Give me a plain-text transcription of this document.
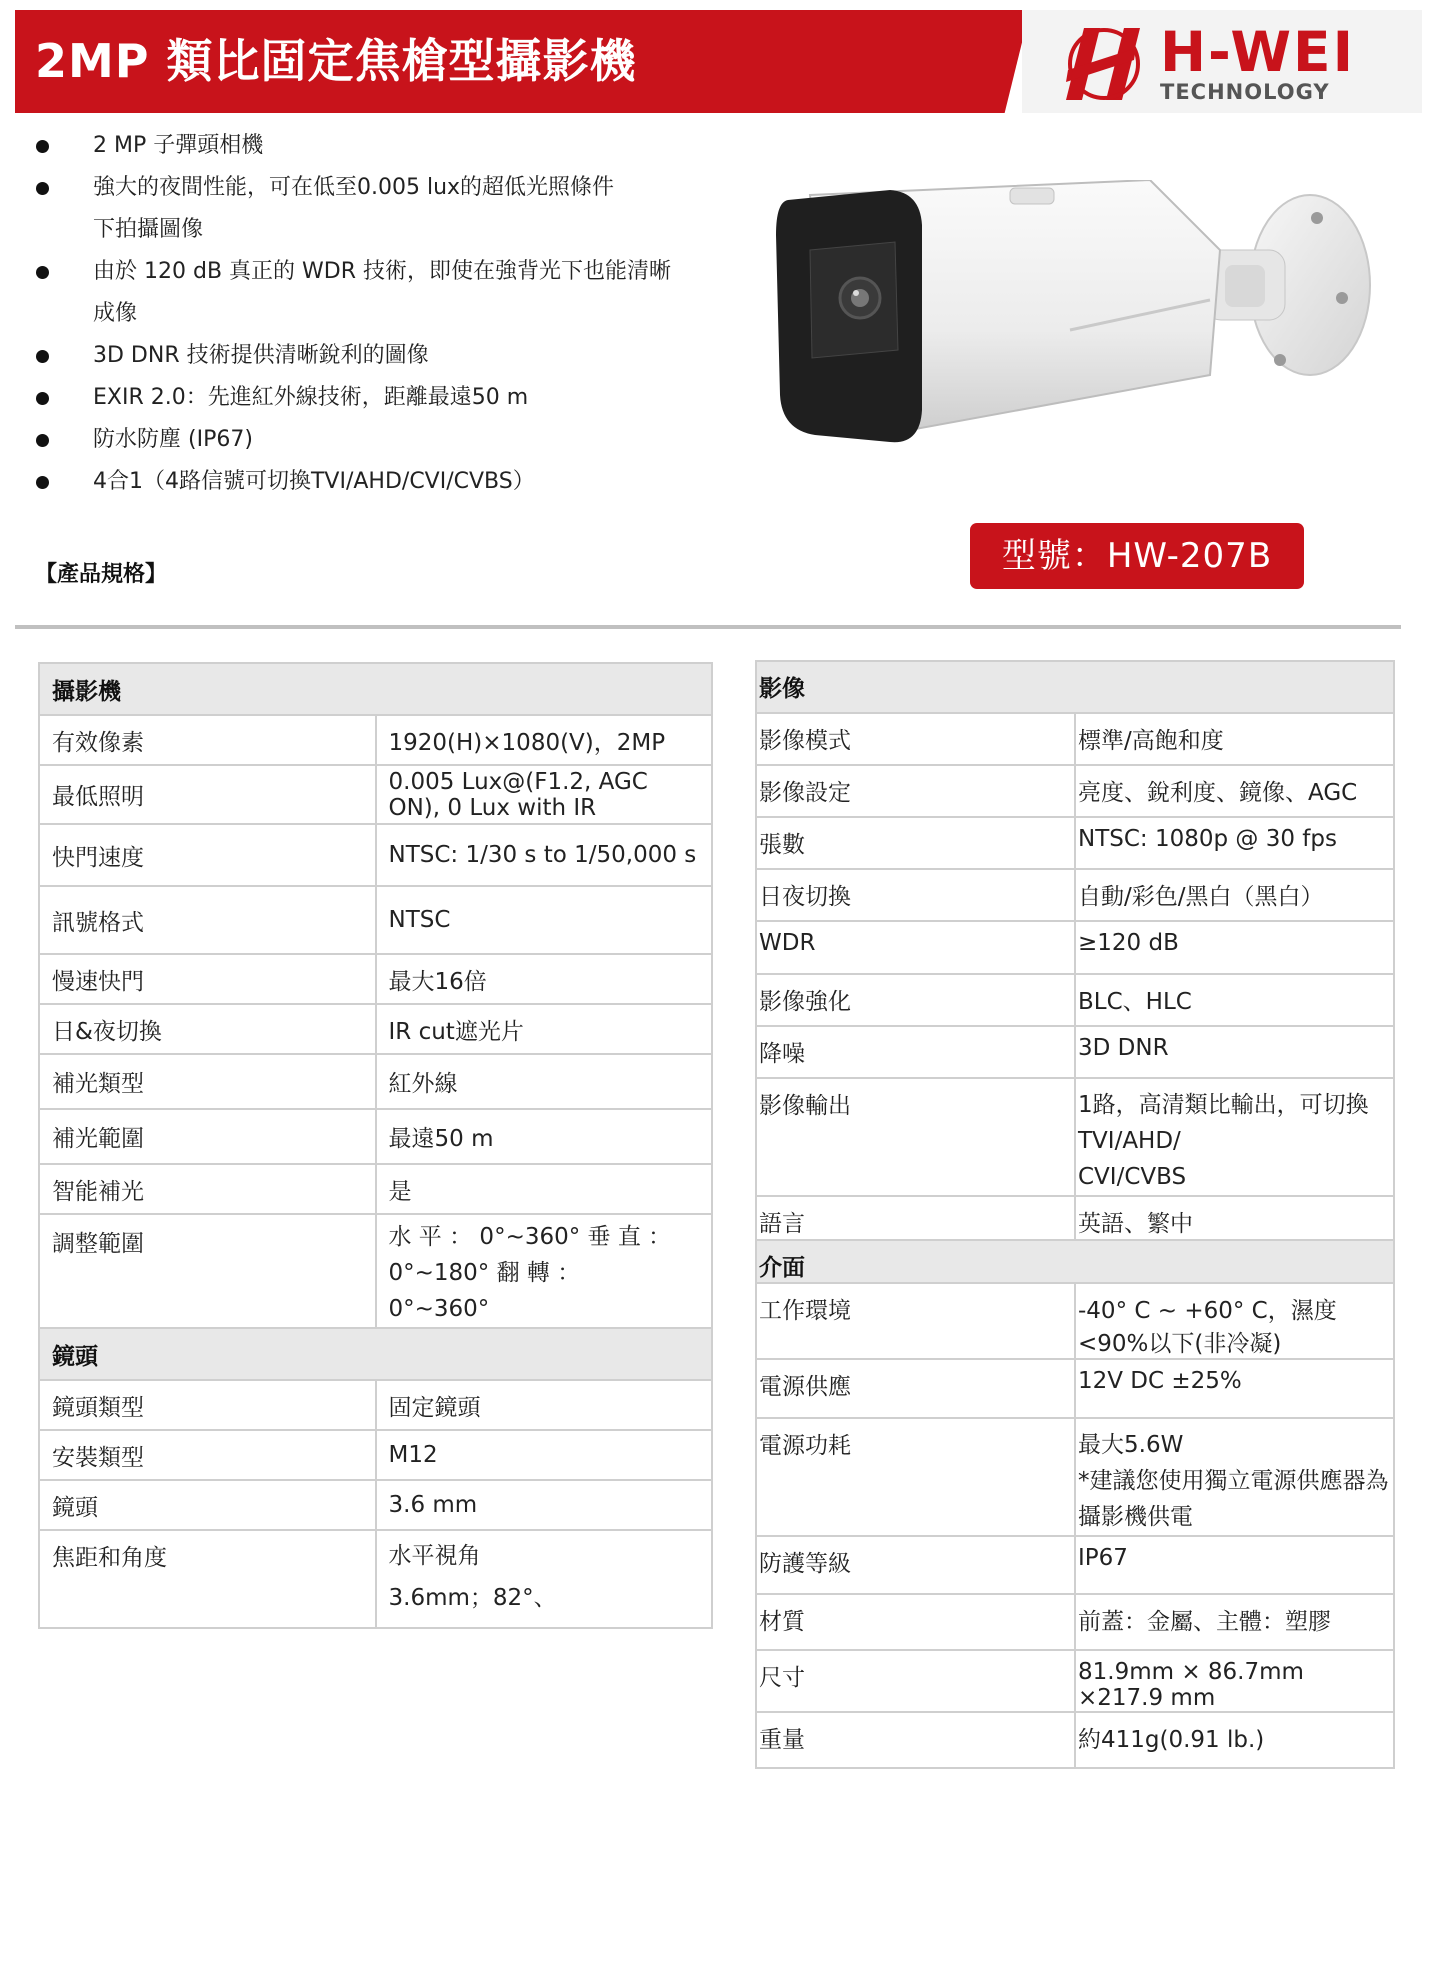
2MP 類比固定焦槍型攝影機	H-WEI
TECHNOLOGY
2 MP 子彈頭相機
強大的夜間性能，可在低至0.005 lux的超低光照條件
下拍攝圖像
由於 120 dB 真正的 WDR 技術，即使在強背光下也能清晰
成像
3D DNR 技術提供清晰銳利的圖像
EXIR 2.0：先進紅外線技術，距離最遠50 m
防水防塵 (IP67)
4合1（4路信號可切換TVI/AHD/CVI/CVBS）
型號：HW-207B
【產品規格】
攝影機	
有效像素	1920(H)×1080(V)，2MP
最低照明	0.005 Lux@(F1.2, AGC ON), 0 Lux with IR
快門速度	NTSC: 1/30 s to 1/50,000 s
訊號格式	NTSC
慢速快門	最大16倍
日&夜切換	IR cut遮光片
補光類型	紅外線
補光範圍	最遠50 m
智能補光	是
調整範圍	水 平 ： 0°~360° 垂 直 ： 0°~180° 翻 轉 ：
0°~360°

鏡頭	
鏡頭類型	固定鏡頭
安裝類型	M12
鏡頭	3.6 mm
焦距和角度	水平視角
3.6mm；82°、
影像	
影像模式	標準/高飽和度
影像設定	亮度、銳利度、鏡像、AGC
張數	NTSC: 1080p @ 30 fps
日夜切換	自動/彩色/黑白（黑白）
WDR	≥120 dB
影像強化	BLC、HLC
降噪	3D DNR
影像輸出	1路，高清類比輸出，可切換TVI/AHD/
CVI/CVBS

語言	英語、繁中
介面	
工作環境	-40° C ~ +60° C，濕度<90%以下(非冷凝)
電源供應	12V DC ±25%
電源功耗	最大5.6W
*建議您使用獨立電源供應器為攝影機供電

防護等級	IP67
材質	前蓋：金屬、主體：塑膠
尺寸	81.9mm × 86.7mm ×217.9 mm
重量	約411g(0.91 lb.)
